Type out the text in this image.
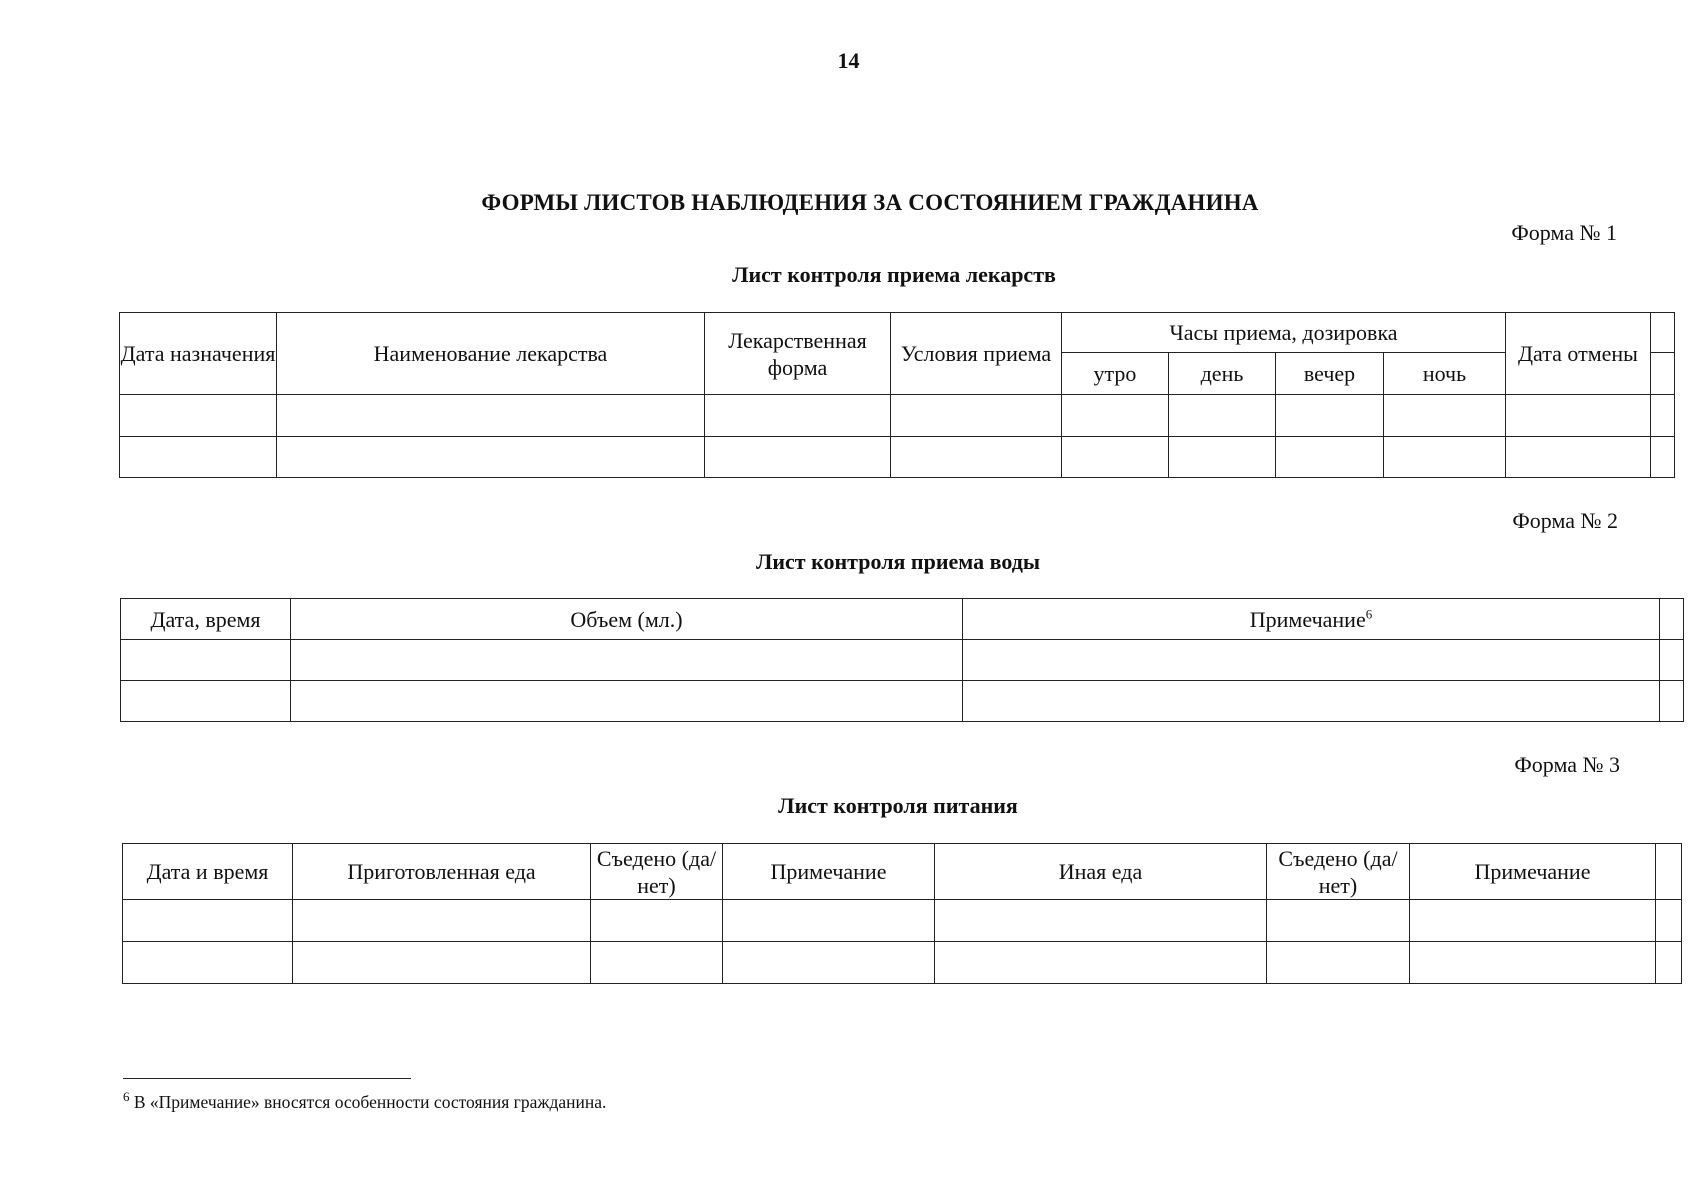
14
ФОРМЫ ЛИСТОВ НАБЛЮДЕНИЯ ЗА СОСТОЯНИЕМ ГРАЖДАНИНА
Форма № 1
Лист контроля приема лекарств
Дата назначения	Наименование лекарства	Лекарственная форма	Условия приема	Часы приема, дозировка				Дата отмены	
				утро	день	вечер	ночь		

Форма № 2
Лист контроля приема воды
Дата, время	Объем (мл.)	Примечание$^6$	

Форма № 3
Лист контроля питания
Дата и время	Приготовленная еда	Съедено (да/нет)	Примечание	Иная еда	Съедено (да/нет)	Примечание	

$^6$ В «Примечание» вносятся особенности состояния гражданина.
